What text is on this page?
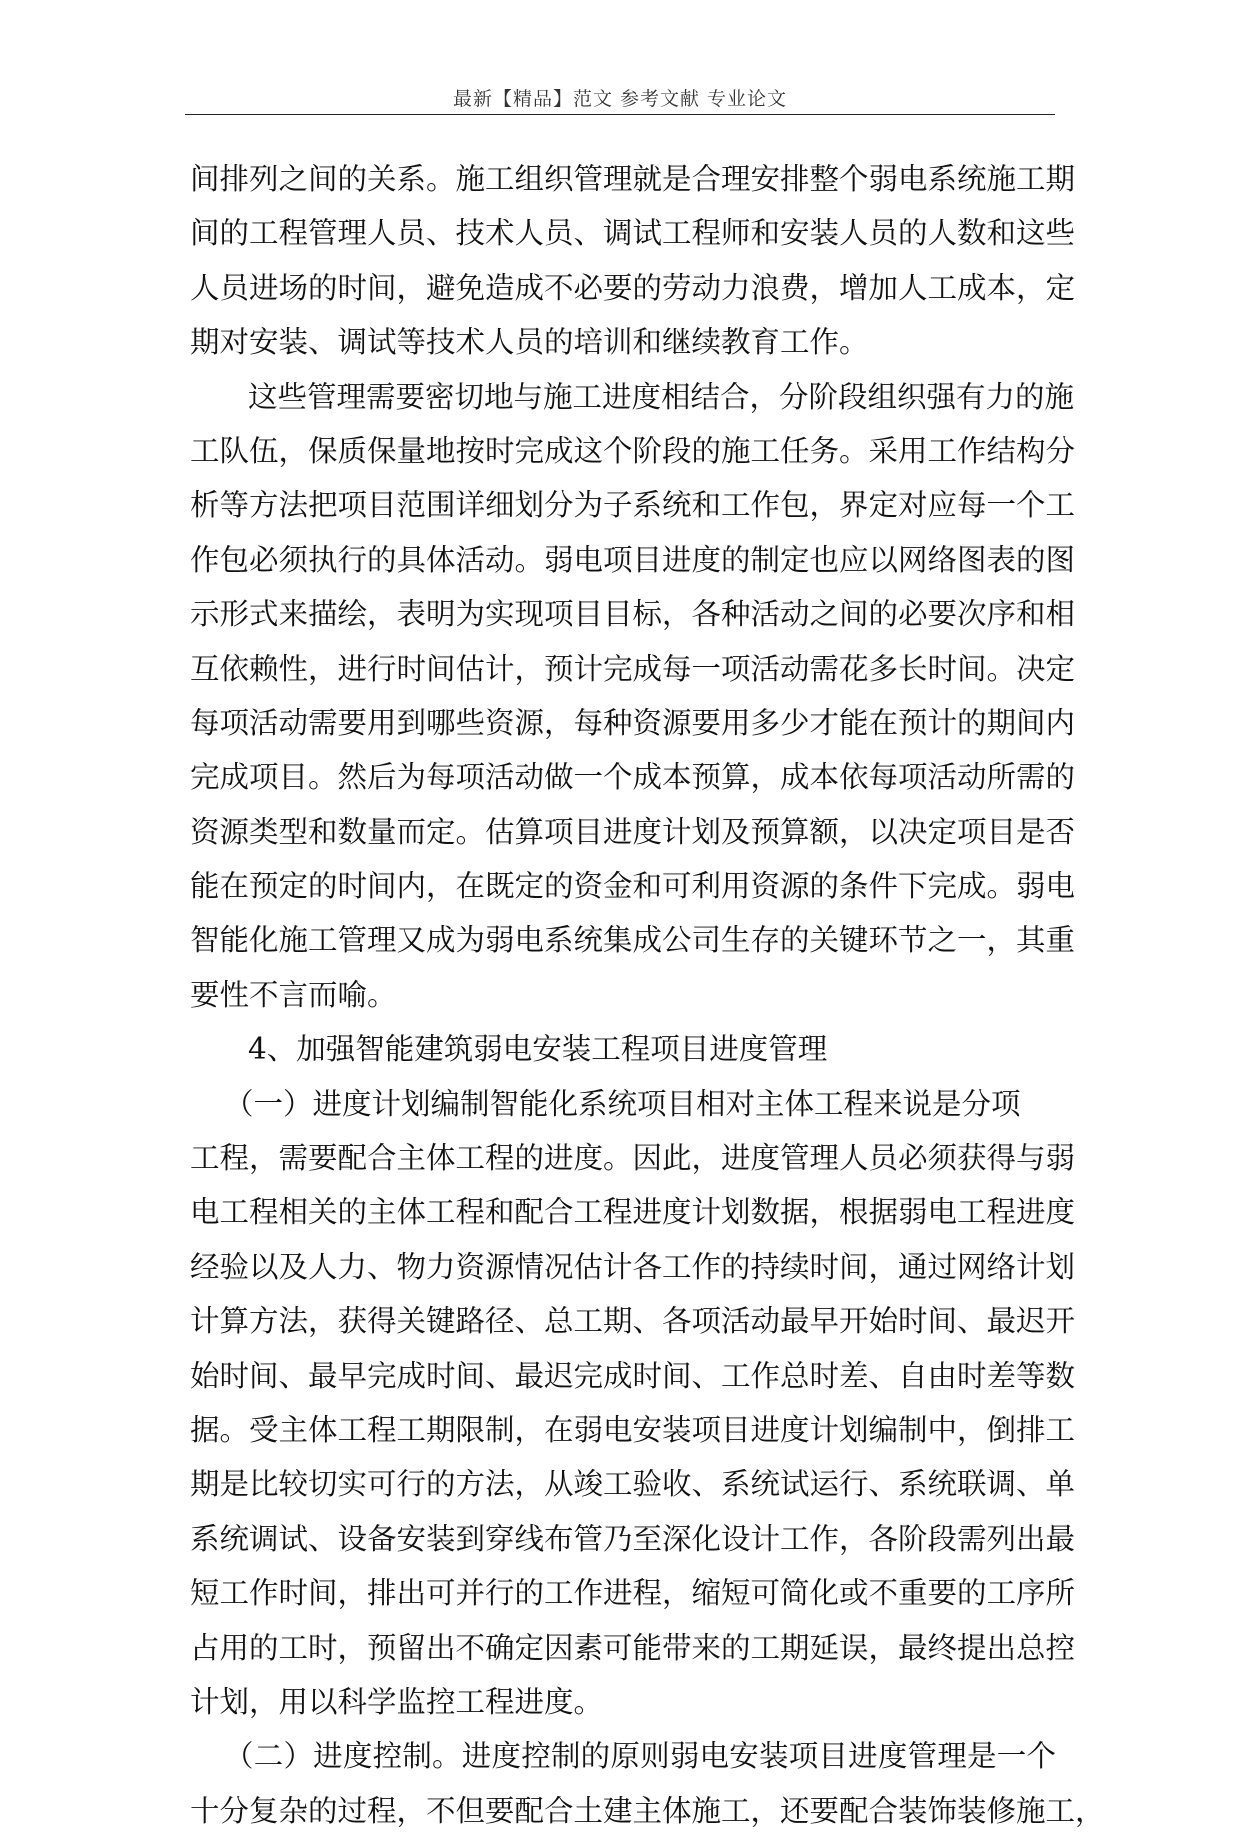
最新【精品】范文 参考文献 专业论文
间排列之间的关系。施工组织管理就是合理安排整个弱电系统施工期
间的工程管理人员、技术人员、调试工程师和安装人员的人数和这些
人员进场的时间，避免造成不必要的劳动力浪费，增加人工成本，定
期对安装、调试等技术人员的培训和继续教育工作。
这些管理需要密切地与施工进度相结合，分阶段组织强有力的施
工队伍，保质保量地按时完成这个阶段的施工任务。采用工作结构分
析等方法把项目范围详细划分为子系统和工作包，界定对应每一个工
作包必须执行的具体活动。弱电项目进度的制定也应以网络图表的图
示形式来描绘，表明为实现项目目标，各种活动之间的必要次序和相
互依赖性，进行时间估计，预计完成每一项活动需花多长时间。决定
每项活动需要用到哪些资源，每种资源要用多少才能在预计的期间内
完成项目。然后为每项活动做一个成本预算，成本依每项活动所需的
资源类型和数量而定。估算项目进度计划及预算额，以决定项目是否
能在预定的时间内，在既定的资金和可利用资源的条件下完成。弱电
智能化施工管理又成为弱电系统集成公司生存的关键环节之一，其重
要性不言而喻。
4、加强智能建筑弱电安装工程项目进度管理
（一）进度计划编制智能化系统项目相对主体工程来说是分项
工程，需要配合主体工程的进度。因此，进度管理人员必须获得与弱
电工程相关的主体工程和配合工程进度计划数据，根据弱电工程进度
经验以及人力、物力资源情况估计各工作的持续时间，通过网络计划
计算方法，获得关键路径、总工期、各项活动最早开始时间、最迟开
始时间、最早完成时间、最迟完成时间、工作总时差、自由时差等数
据。受主体工程工期限制，在弱电安装项目进度计划编制中，倒排工
期是比较切实可行的方法，从竣工验收、系统试运行、系统联调、单
系统调试、设备安装到穿线布管乃至深化设计工作，各阶段需列出最
短工作时间，排出可并行的工作进程，缩短可简化或不重要的工序所
占用的工时，预留出不确定因素可能带来的工期延误，最终提出总控
计划，用以科学监控工程进度。
（二）进度控制。进度控制的原则弱电安装项目进度管理是一个
十分复杂的过程，不但要配合土建主体施工，还要配合装饰装修施工，
